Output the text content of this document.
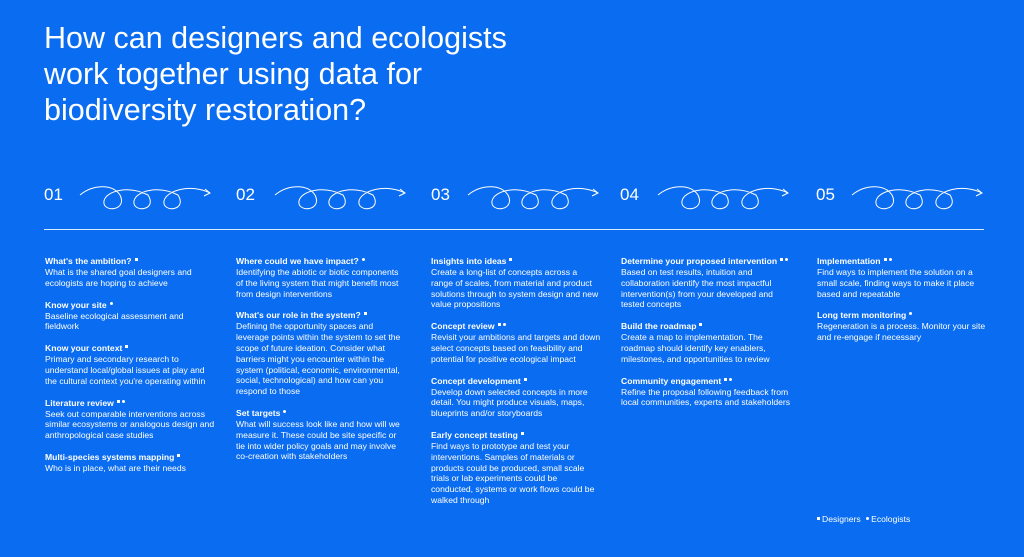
How can designers and ecologists work together using data for biodiversity restoration?
01	02	03	04	05

What's the ambition?

What is the shared goal designers and ecologists are hoping to achieve

Know your site

Baseline ecological assessment and fieldwork

Know your context

Primary and secondary research to understand local/global issues at play and the cultural context you're operating within

Literature review

Seek out comparable interventions across similar ecosystems or analogous design and anthropological case studies

Multi-species systems mapping

Who is in place, what are their needs

Where could we have impact?

Identifying the abiotic or biotic components of the living system that might benefit most from design interventions

What's our role in the system?

Defining the opportunity spaces and leverage points within the system to set the scope of future ideation. Consider what barriers might you encounter within the system (political, economic, environmental, social, technological) and how can you respond to those

Set targets

What will success look like and how will we measure it. These could be site specific or tie into wider policy goals and may involve co-creation with stakeholders

Insights into ideas

Create a long-list of concepts across a range of scales, from material and product solutions through to system design and new value propositions

Concept review

Revisit your ambitions and targets and down select concepts based on feasibility and potential for positive ecological impact

Concept development

Develop down selected concepts in more detail. You might produce visuals, maps, blueprints and/or storyboards

Early concept testing

Find ways to prototype and test your interventions. Samples of materials or products could be produced, small scale trials or lab experiments could be conducted, systems or work flows could be walked through

Determine your proposed intervention

Based on test results, intuition and collaboration identify the most impactful intervention(s) from your developed and tested concepts

Build the roadmap

Create a map to implementation. The roadmap should identify key enablers, milestones, and opportunities to review

Community engagement

Refine the proposal following feedback from local communities, experts and stakeholders

Implementation

Find ways to implement the solution on a small scale, finding ways to make it place based and repeatable

Long term monitoring

Regeneration is a process. Monitor your site and re-engage if necessary

Designers Ecologists
